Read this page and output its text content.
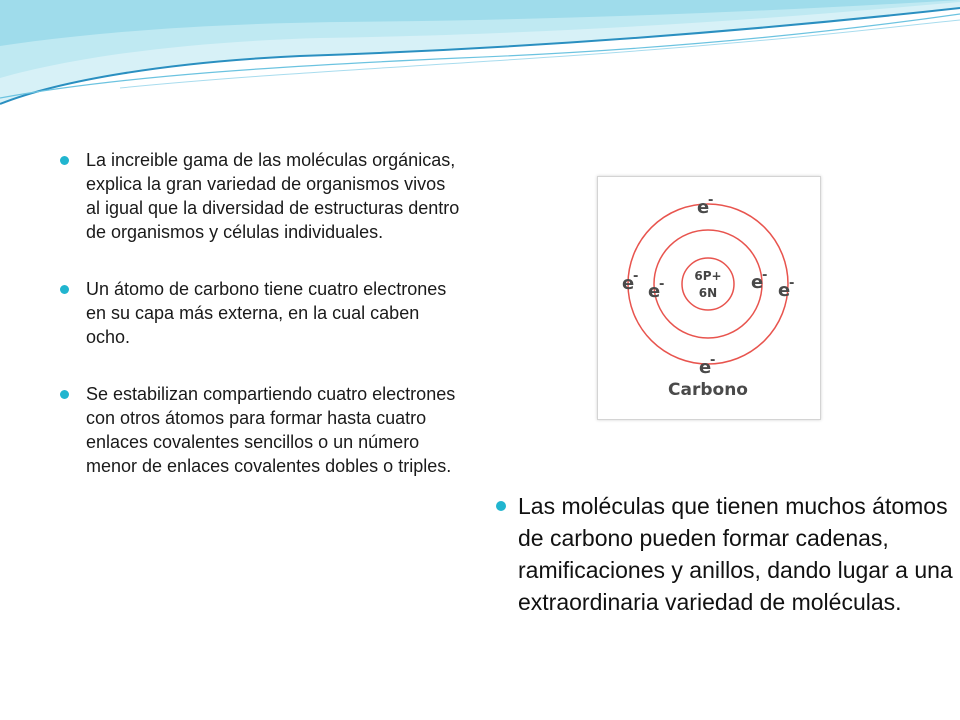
La increible gama de las moléculas orgánicas, explica la gran variedad de organismos vivos al igual que la diversidad de estructuras dentro de organismos y células individuales.
Un átomo de carbono tiene cuatro electrones en su capa más externa, en la cual caben ocho.
Se estabilizan compartiendo cuatro electrones con otros átomos para formar hasta cuatro enlaces covalentes sencillos o un número menor de enlaces covalentes dobles o triples.
6P+
6N
e
-
e
-
e
-	e
-
e
-
e
-
Carbono

Las moléculas que tienen muchos átomos de carbono pueden formar cadenas, ramificaciones y anillos, dando lugar a una extraordinaria variedad de moléculas.
